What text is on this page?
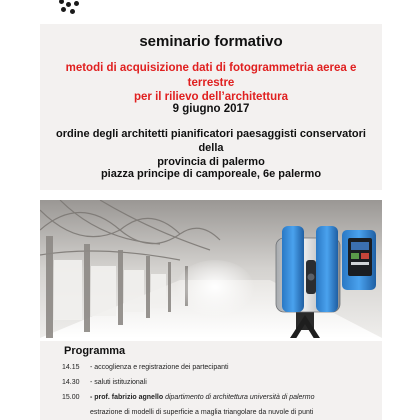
seminario formativo
metodi di acquisizione dati di fotogrammetria aerea e terrestre
per il rilievo dell’architettura
9 giugno 2017
ordine degli architetti pianificatori paesaggisti conservatori della
provincia di palermo
piazza principe di camporeale, 6e palermo
Programma
14.15 - accoglienza e registrazione dei partecipanti
14.30 - saluti istituzionali
15.00 - prof. fabrizio agnello dipartimento di architettura università di palermo
estrazione di modelli di superficie a maglia triangolare da nuvole di punti
